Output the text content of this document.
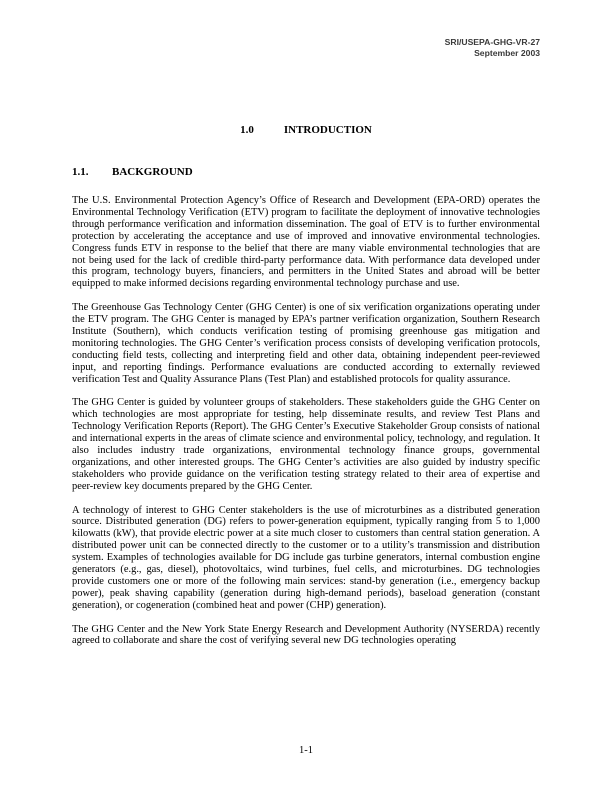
SRI/USEPA-GHG-VR-27
September 2003
1.0	INTRODUCTION
1.1. BACKGROUND

The U.S. Environmental Protection Agency’s Office of Research and Development (EPA-ORD) operates the Environmental Technology Verification (ETV) program to facilitate the deployment of innovative technologies through performance verification and information dissemination. The goal of ETV is to further environmental protection by accelerating the acceptance and use of improved and innovative environmental technologies. Congress funds ETV in response to the belief that there are many viable environmental technologies that are not being used for the lack of credible third-party performance data. With performance data developed under this program, technology buyers, financiers, and permitters in the United States and abroad will be better equipped to make informed decisions regarding environmental technology purchase and use.

The Greenhouse Gas Technology Center (GHG Center) is one of six verification organizations operating under the ETV program. The GHG Center is managed by EPA’s partner verification organization, Southern Research Institute (Southern), which conducts verification testing of promising greenhouse gas mitigation and monitoring technologies. The GHG Center’s verification process consists of developing verification protocols, conducting field tests, collecting and interpreting field and other data, obtaining independent peer-reviewed input, and reporting findings. Performance evaluations are conducted according to externally reviewed verification Test and Quality Assurance Plans (Test Plan) and established protocols for quality assurance.

The GHG Center is guided by volunteer groups of stakeholders. These stakeholders guide the GHG Center on which technologies are most appropriate for testing, help disseminate results, and review Test Plans and Technology Verification Reports (Report). The GHG Center’s Executive Stakeholder Group consists of national and international experts in the areas of climate science and environmental policy, technology, and regulation. It also includes industry trade organizations, environmental technology finance groups, governmental organizations, and other interested groups. The GHG Center’s activities are also guided by industry specific stakeholders who provide guidance on the verification testing strategy related to their area of expertise and peer-review key documents prepared by the GHG Center.

A technology of interest to GHG Center stakeholders is the use of microturbines as a distributed generation source. Distributed generation (DG) refers to power-generation equipment, typically ranging from 5 to 1,000 kilowatts (kW), that provide electric power at a site much closer to customers than central station generation. A distributed power unit can be connected directly to the customer or to a utility’s transmission and distribution system. Examples of technologies available for DG include gas turbine generators, internal combustion engine generators (e.g., gas, diesel), photovoltaics, wind turbines, fuel cells, and microturbines. DG technologies provide customers one or more of the following main services: stand-by generation (i.e., emergency backup power), peak shaving capability (generation during high-demand periods), baseload generation (constant generation), or cogeneration (combined heat and power (CHP) generation).

The GHG Center and the New York State Energy Research and Development Authority (NYSERDA) recently agreed to collaborate and share the cost of verifying several new DG technologies operating

1-1
